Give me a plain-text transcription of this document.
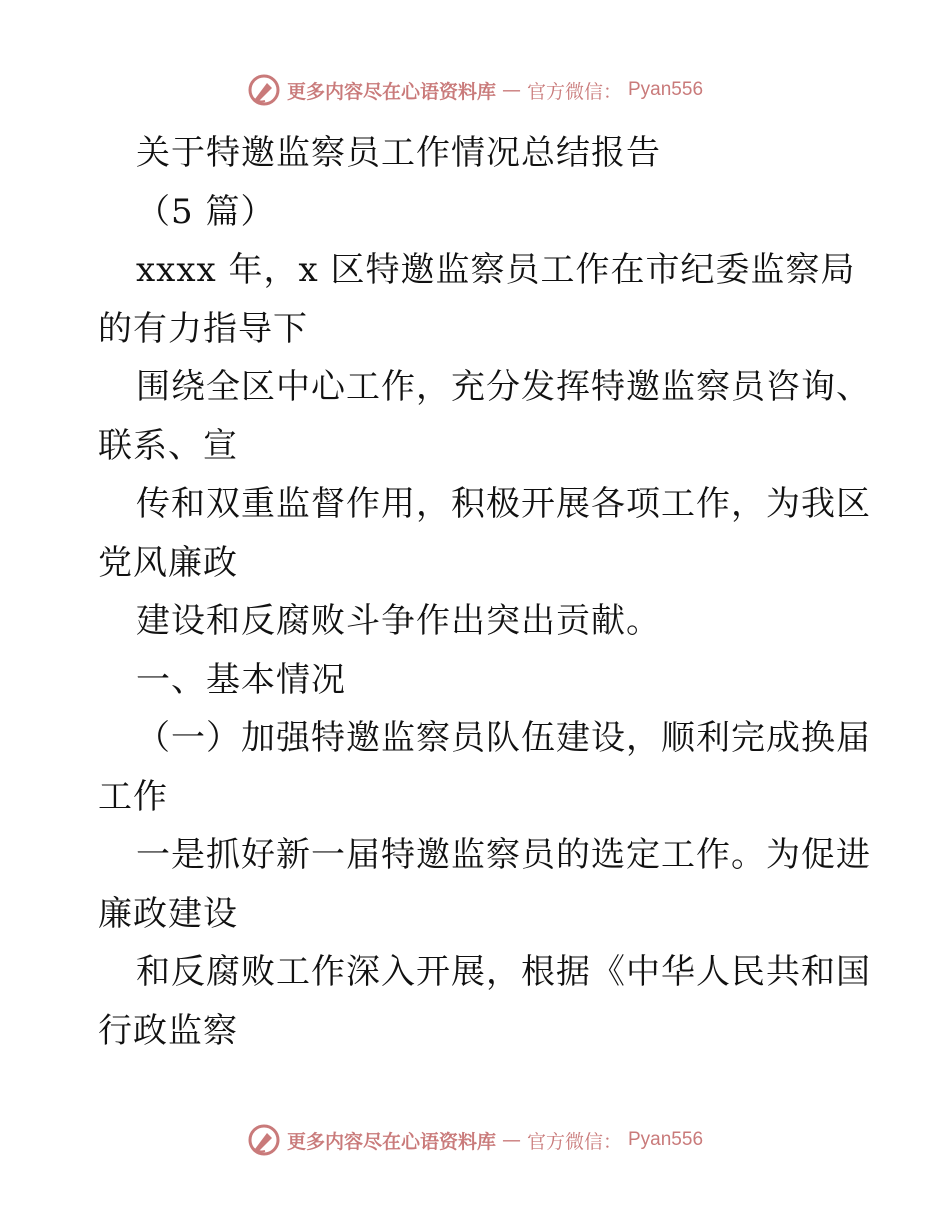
更多内容尽在心语资料库 — 官方微信： Pyan556
关于特邀监察员工作情况总结报告
（5 篇）
xxxx 年，x 区特邀监察员工作在市纪委监察局
的有力指导下
围绕全区中心工作，充分发挥特邀监察员咨询、
联系、宣
传和双重监督作用，积极开展各项工作，为我区
党风廉政
建设和反腐败斗争作出突出贡献。
一、基本情况
（一）加强特邀监察员队伍建设，顺利完成换届
工作
一是抓好新一届特邀监察员的选定工作。为促进
廉政建设
和反腐败工作深入开展，根据《中华人民共和国
行政监察
更多内容尽在心语资料库 — 官方微信： Pyan556
